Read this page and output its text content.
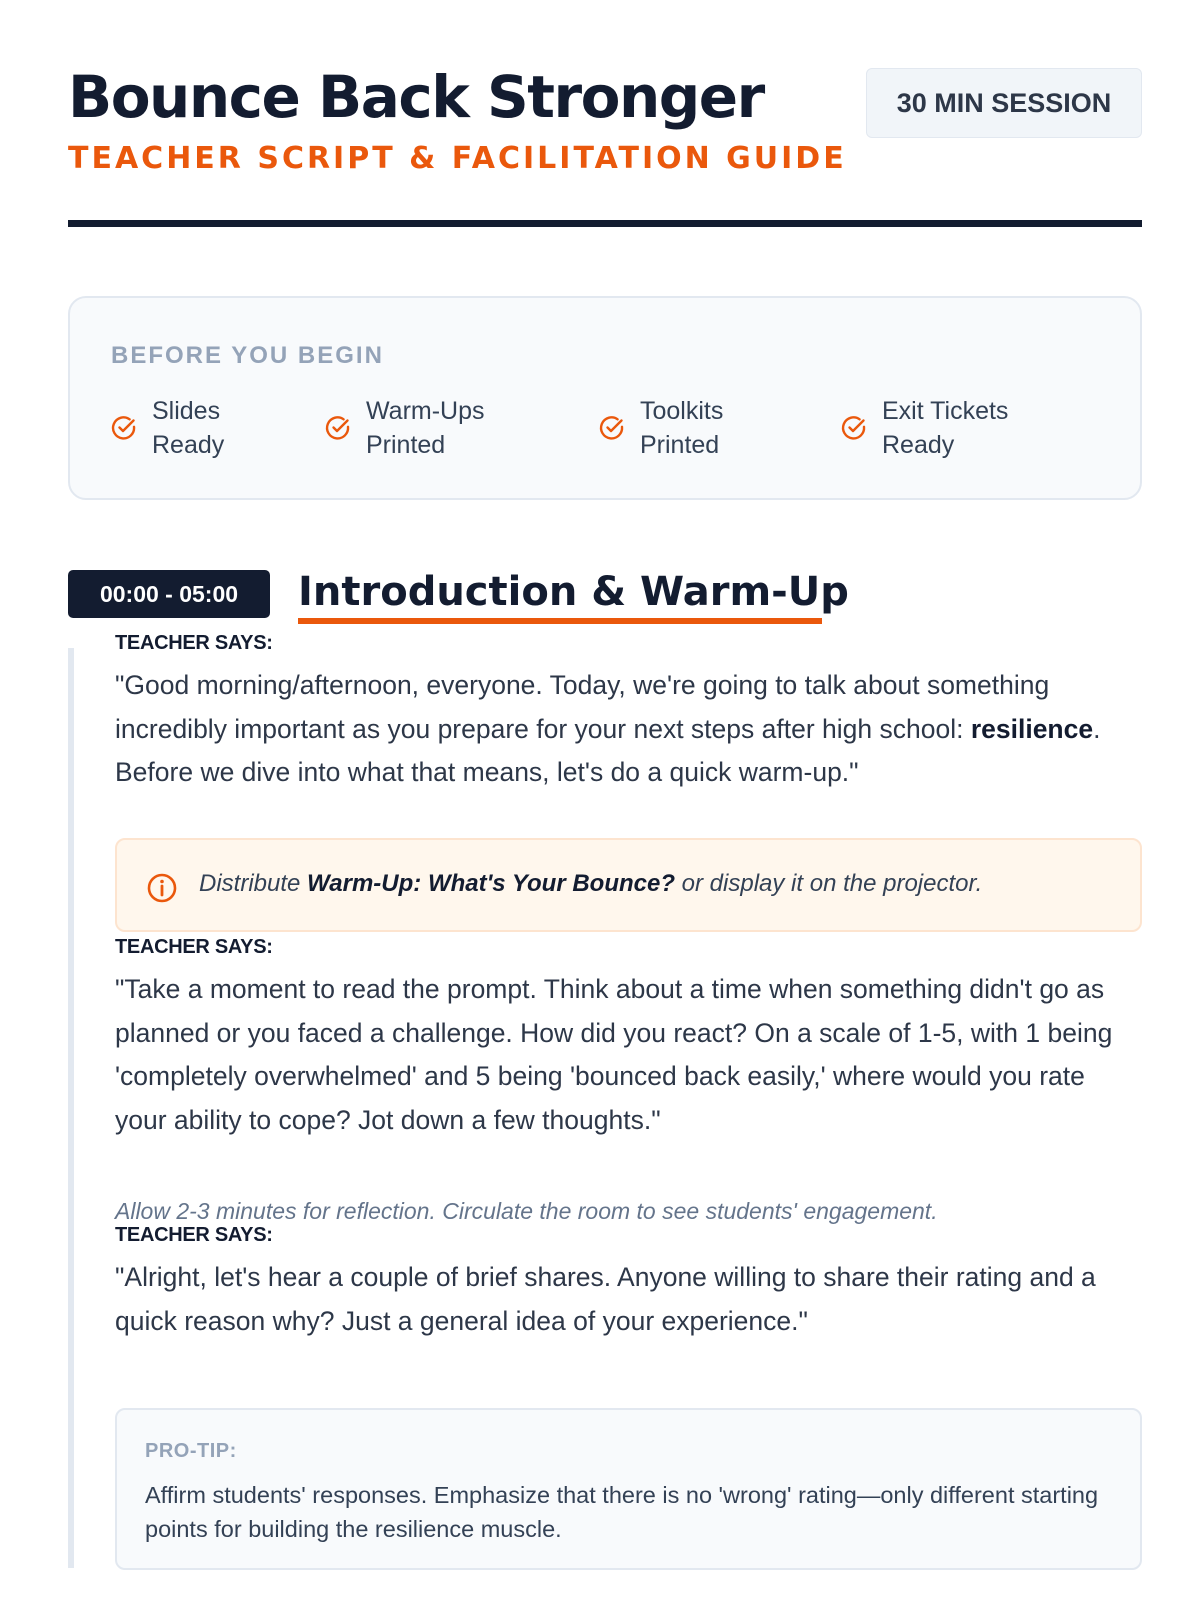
Bounce Back Stronger
TEACHER SCRIPT & FACILITATION GUIDE
30 MIN SESSION
BEFORE YOU BEGIN
Slides
Ready
Warm-Ups
Printed
Toolkits
Printed
Exit Tickets
Ready
00:00 - 05:00	Introduction & Warm-Up
TEACHER SAYS:
"Good morning/afternoon, everyone. Today, we're going to talk about something incredibly important as you prepare for your next steps after high school: resilience. Before we dive into what that means, let's do a quick warm-up."
Distribute Warm-Up: What's Your Bounce? or display it on the projector.
TEACHER SAYS:
"Take a moment to read the prompt. Think about a time when something didn't go as planned or you faced a challenge. How did you react? On a scale of 1-5, with 1 being 'completely overwhelmed' and 5 being 'bounced back easily,' where would you rate your ability to cope? Jot down a few thoughts."
Allow 2-3 minutes for reflection. Circulate the room to see students' engagement.
TEACHER SAYS:
"Alright, let's hear a couple of brief shares. Anyone willing to share their rating and a quick reason why? Just a general idea of your experience."
PRO-TIP:
Affirm students' responses. Emphasize that there is no 'wrong' rating—only different starting points for building the resilience muscle.
